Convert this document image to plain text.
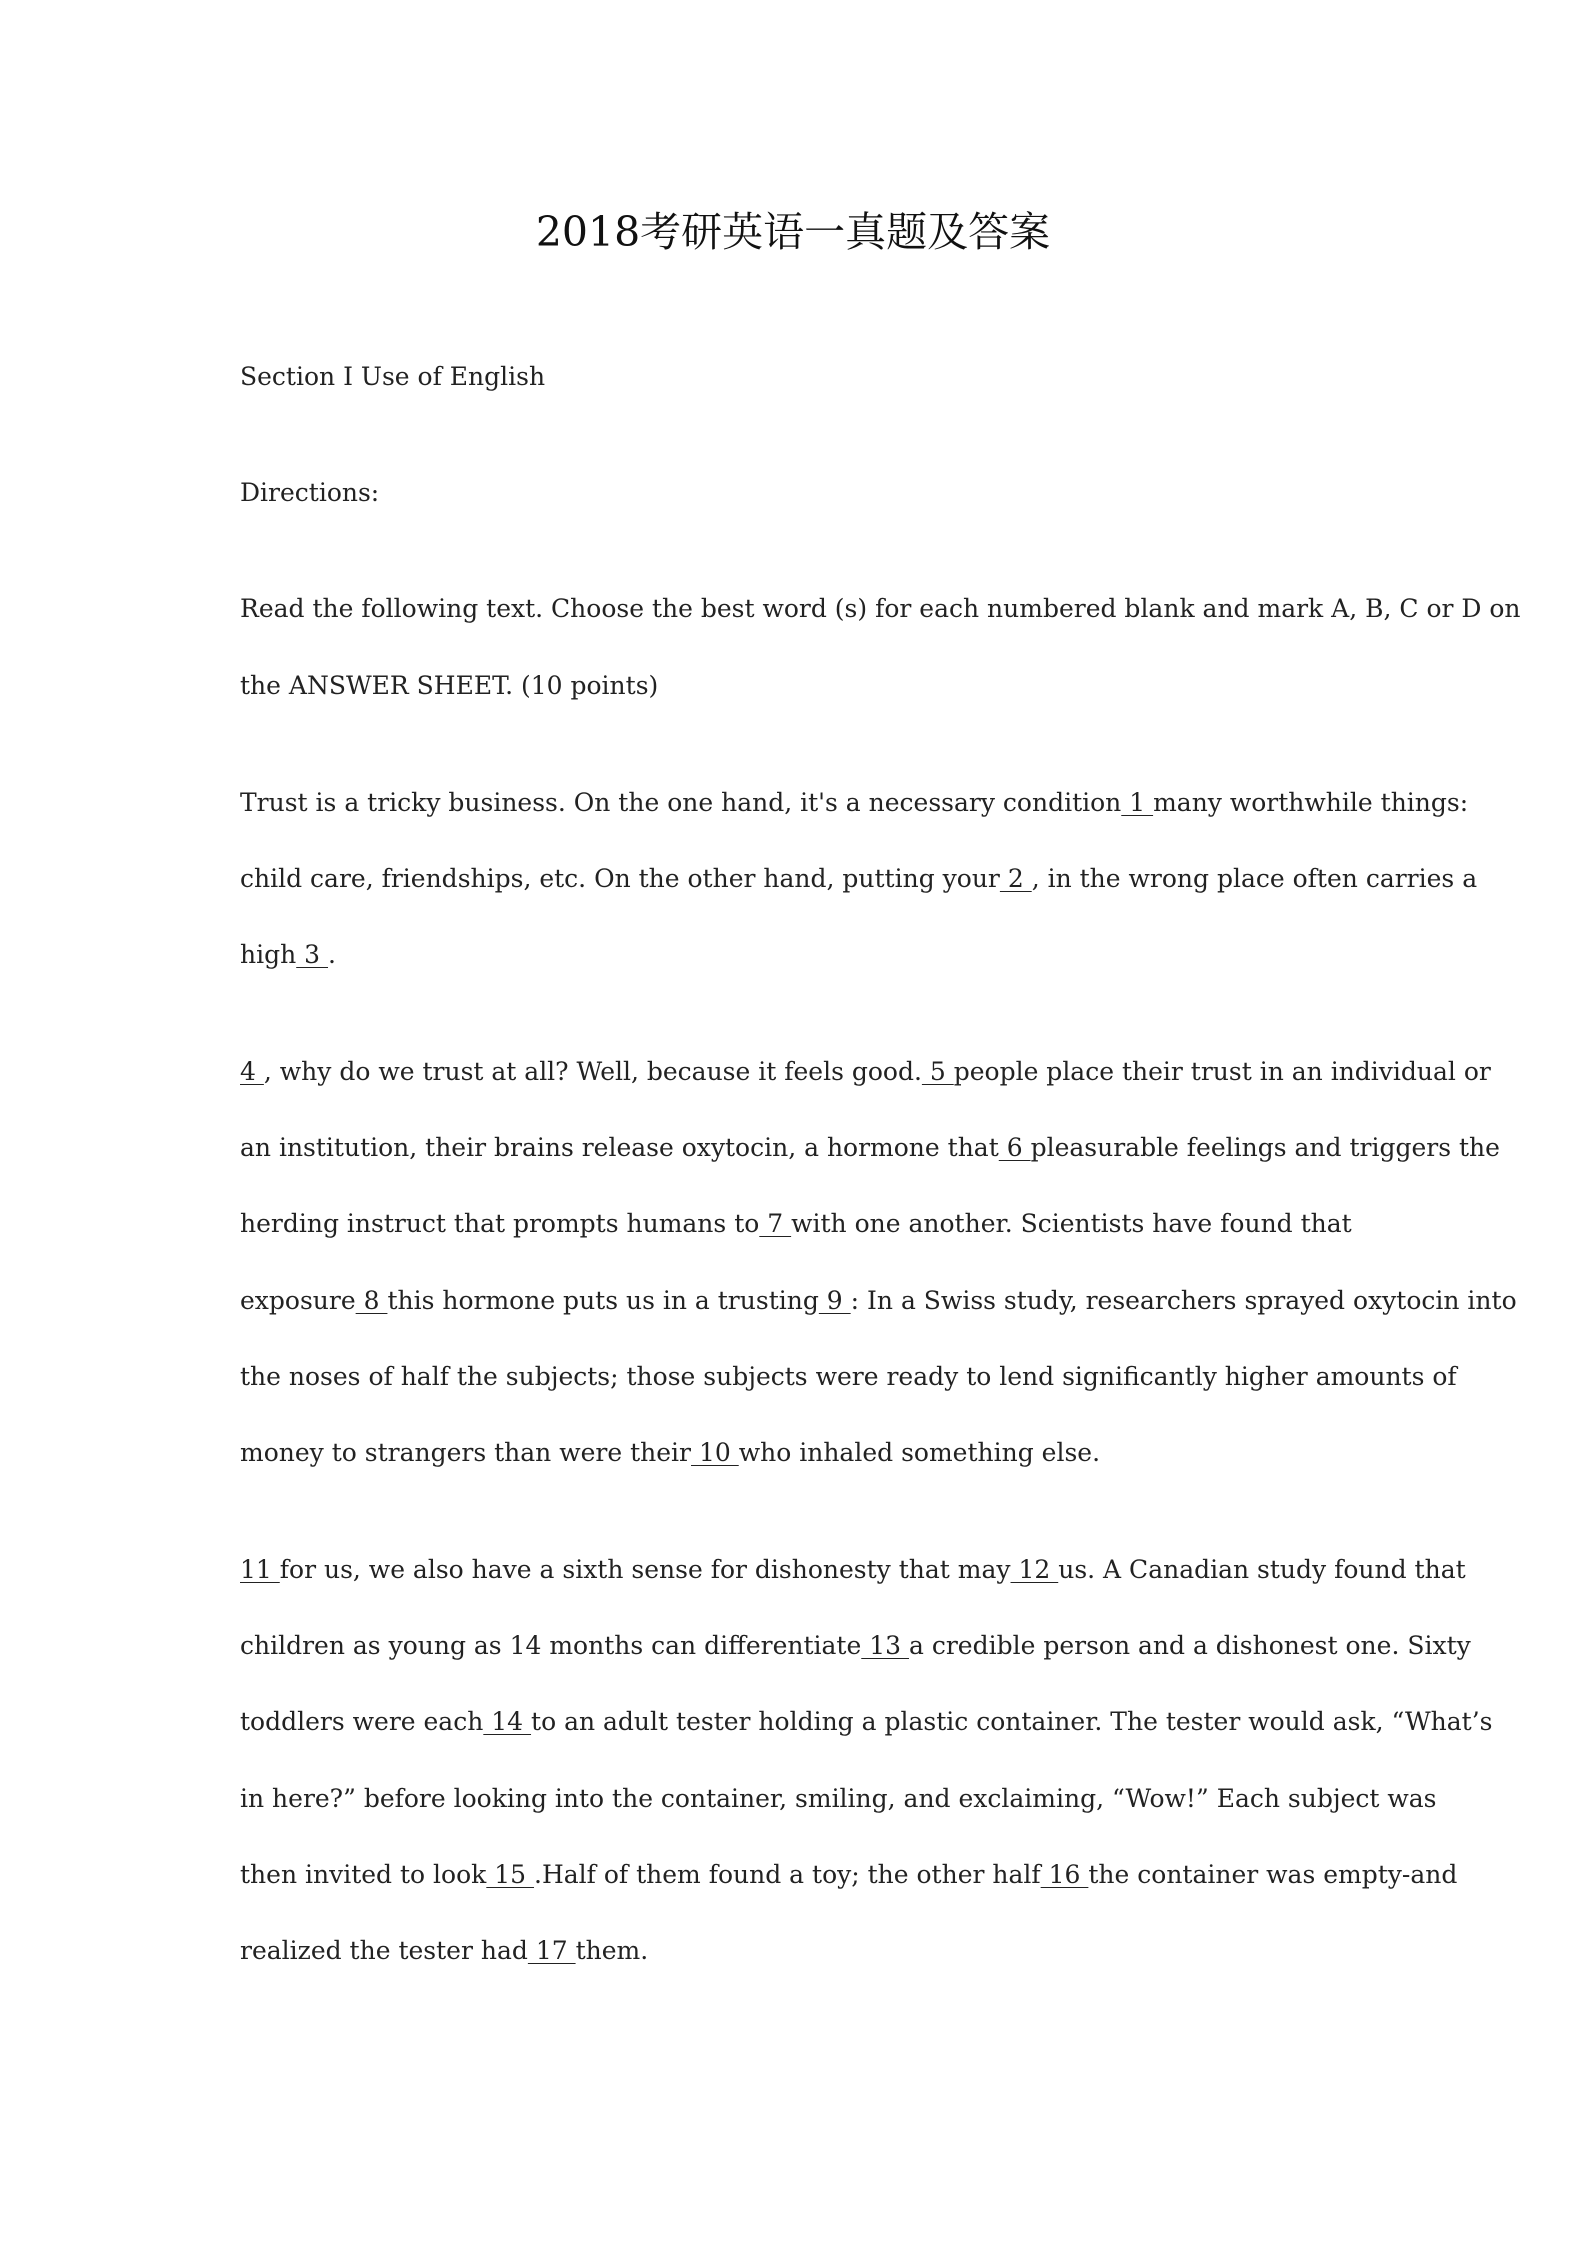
2018考研英语一真题及答案
Section I Use of English
Directions:
Read the following text. Choose the best word (s) for each numbered blank and mark A, B, C or D on
the ANSWER SHEET. (10 points)
Trust is a tricky business. On the one hand, it's a necessary condition 1 many worthwhile things:
child care, friendships, etc. On the other hand, putting your 2 , in the wrong place often carries a
high 3 .
4 , why do we trust at all? Well, because it feels good. 5 people place their trust in an individual or
an institution, their brains release oxytocin, a hormone that 6 pleasurable feelings and triggers the
herding instruct that prompts humans to 7 with one another. Scientists have found that
exposure 8 this hormone puts us in a trusting 9 : In a Swiss study, researchers sprayed oxytocin into
the noses of half the subjects; those subjects were ready to lend significantly higher amounts of
money to strangers than were their 10 who inhaled something else.
11 for us, we also have a sixth sense for dishonesty that may 12 us. A Canadian study found that
children as young as 14 months can differentiate 13 a credible person and a dishonest one. Sixty
toddlers were each 14 to an adult tester holding a plastic container. The tester would ask, “What’s
in here?” before looking into the container, smiling, and exclaiming, “Wow!” Each subject was
then invited to look 15 .Half of them found a toy; the other half 16 the container was empty-and
realized the tester had 17 them.
